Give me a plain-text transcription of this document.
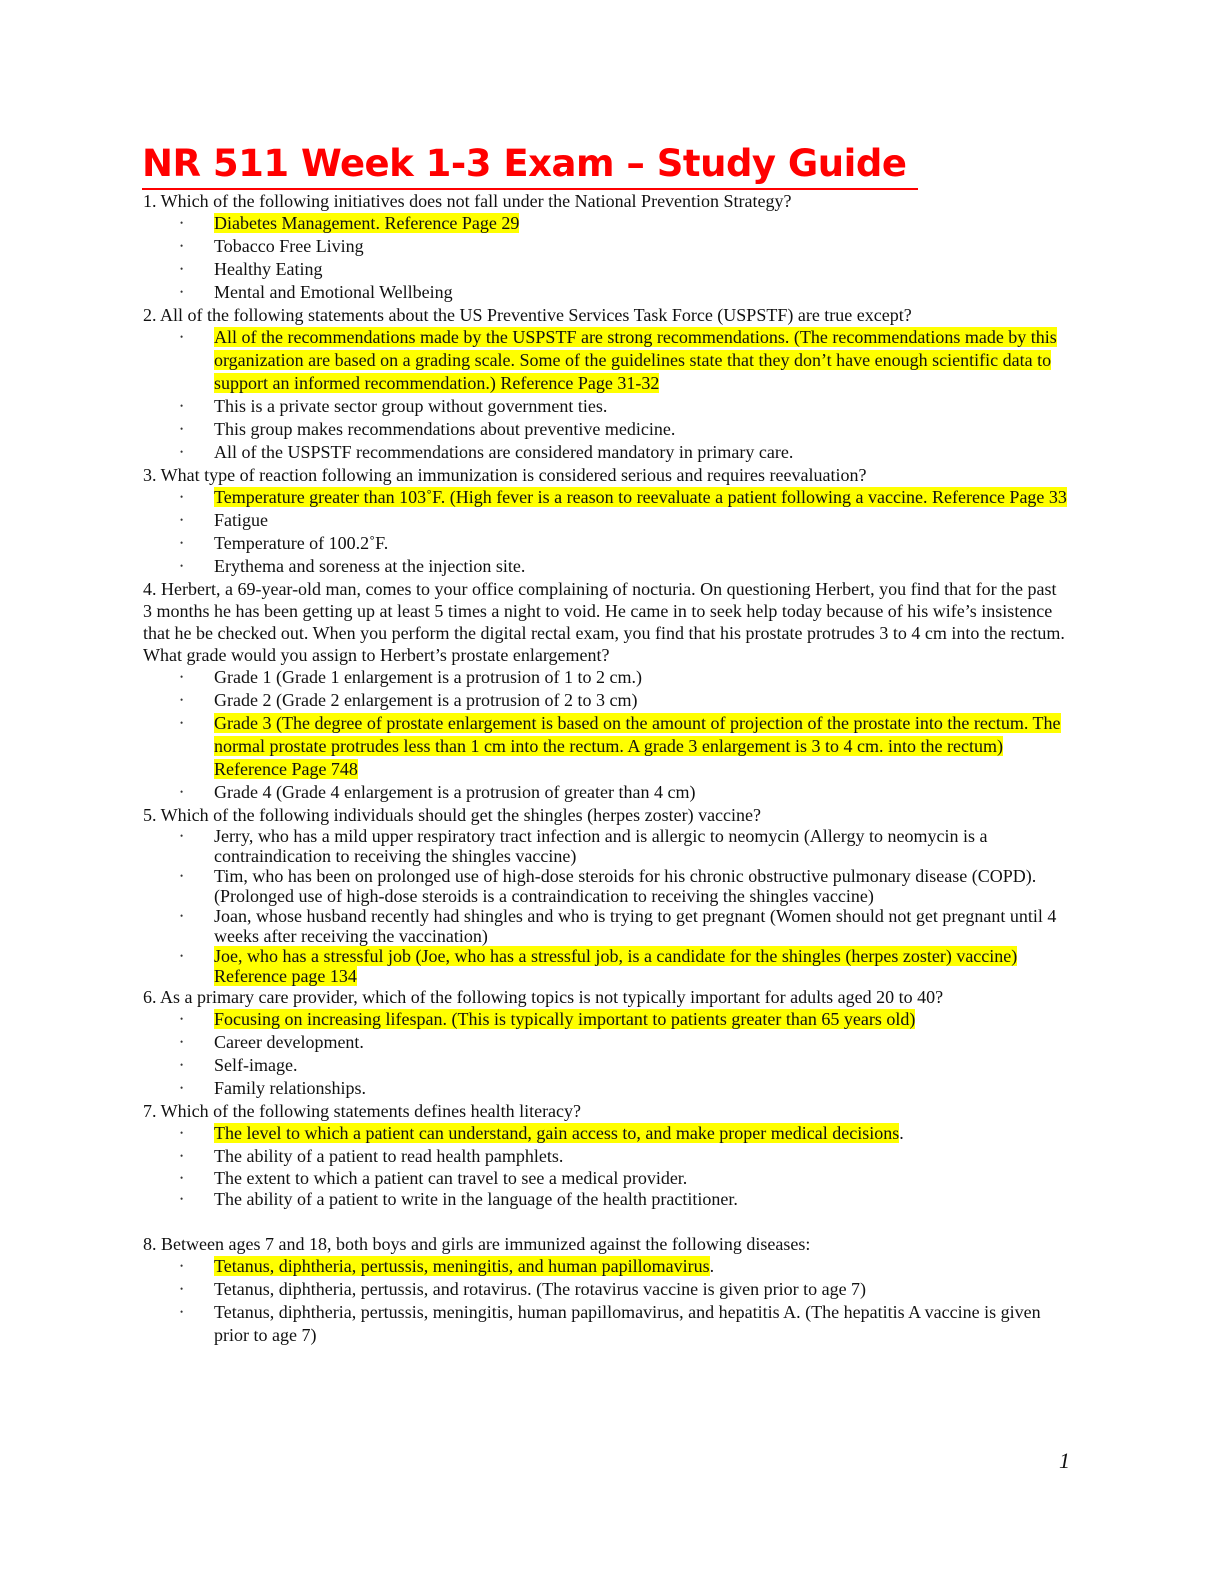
NR 511 Week 1-3 Exam – Study Guide

1. Which of the following initiatives does not fall under the National Prevention Strategy?

• Diabetes Management. Reference Page 29
• Tobacco Free Living
• Healthy Eating
• Mental and Emotional Wellbeing

2. All of the following statements about the US Preventive Services Task Force (USPSTF) are true except?

• All of the recommendations made by the USPSTF are strong recommendations. (The recommendations made by this organization are based on a grading scale. Some of the guidelines state that they don’t have enough scientific data to support an informed recommendation.) Reference Page 31-32
• This is a private sector group without government ties.
• This group makes recommendations about preventive medicine.
• All of the USPSTF recommendations are considered mandatory in primary care.

3. What type of reaction following an immunization is considered serious and requires reevaluation?

• Temperature greater than 103˚F. (High fever is a reason to reevaluate a patient following a vaccine. Reference Page 33
• Fatigue
• Temperature of 100.2˚F.
• Erythema and soreness at the injection site.

4. Herbert, a 69-year-old man, comes to your office complaining of nocturia. On questioning Herbert, you find that for the past 3 months he has been getting up at least 5 times a night to void. He came in to seek help today because of his wife’s insistence that he be checked out. When you perform the digital rectal exam, you find that his prostate protrudes 3 to 4 cm into the rectum. What grade would you assign to Herbert’s prostate enlargement?

• Grade 1 (Grade 1 enlargement is a protrusion of 1 to 2 cm.)
• Grade 2 (Grade 2 enlargement is a protrusion of 2 to 3 cm)
• Grade 3 (The degree of prostate enlargement is based on the amount of projection of the prostate into the rectum. The normal prostate protrudes less than 1 cm into the rectum. A grade 3 enlargement is 3 to 4 cm. into the rectum) Reference Page 748
• Grade 4 (Grade 4 enlargement is a protrusion of greater than 4 cm)

5. Which of the following individuals should get the shingles (herpes zoster) vaccine?

• Jerry, who has a mild upper respiratory tract infection and is allergic to neomycin (Allergy to neomycin is a contraindication to receiving the shingles vaccine)
• Tim, who has been on prolonged use of high-dose steroids for his chronic obstructive pulmonary disease (COPD). (Prolonged use of high-dose steroids is a contraindication to receiving the shingles vaccine)
• Joan, whose husband recently had shingles and who is trying to get pregnant (Women should not get pregnant until 4 weeks after receiving the vaccination)
• Joe, who has a stressful job (Joe, who has a stressful job, is a candidate for the shingles (herpes zoster) vaccine) Reference page 134

6. As a primary care provider, which of the following topics is not typically important for adults aged 20 to 40?

• Focusing on increasing lifespan. (This is typically important to patients greater than 65 years old)
• Career development.
• Self-image.
• Family relationships.

7. Which of the following statements defines health literacy?

• The level to which a patient can understand, gain access to, and make proper medical decisions.
• The ability of a patient to read health pamphlets.
• The extent to which a patient can travel to see a medical provider.
• The ability of a patient to write in the language of the health practitioner.

8. Between ages 7 and 18, both boys and girls are immunized against the following diseases:

• Tetanus, diphtheria, pertussis, meningitis, and human papillomavirus.
• Tetanus, diphtheria, pertussis, and rotavirus. (The rotavirus vaccine is given prior to age 7)
• Tetanus, diphtheria, pertussis, meningitis, human papillomavirus, and hepatitis A. (The hepatitis A vaccine is given prior to age 7)

1
